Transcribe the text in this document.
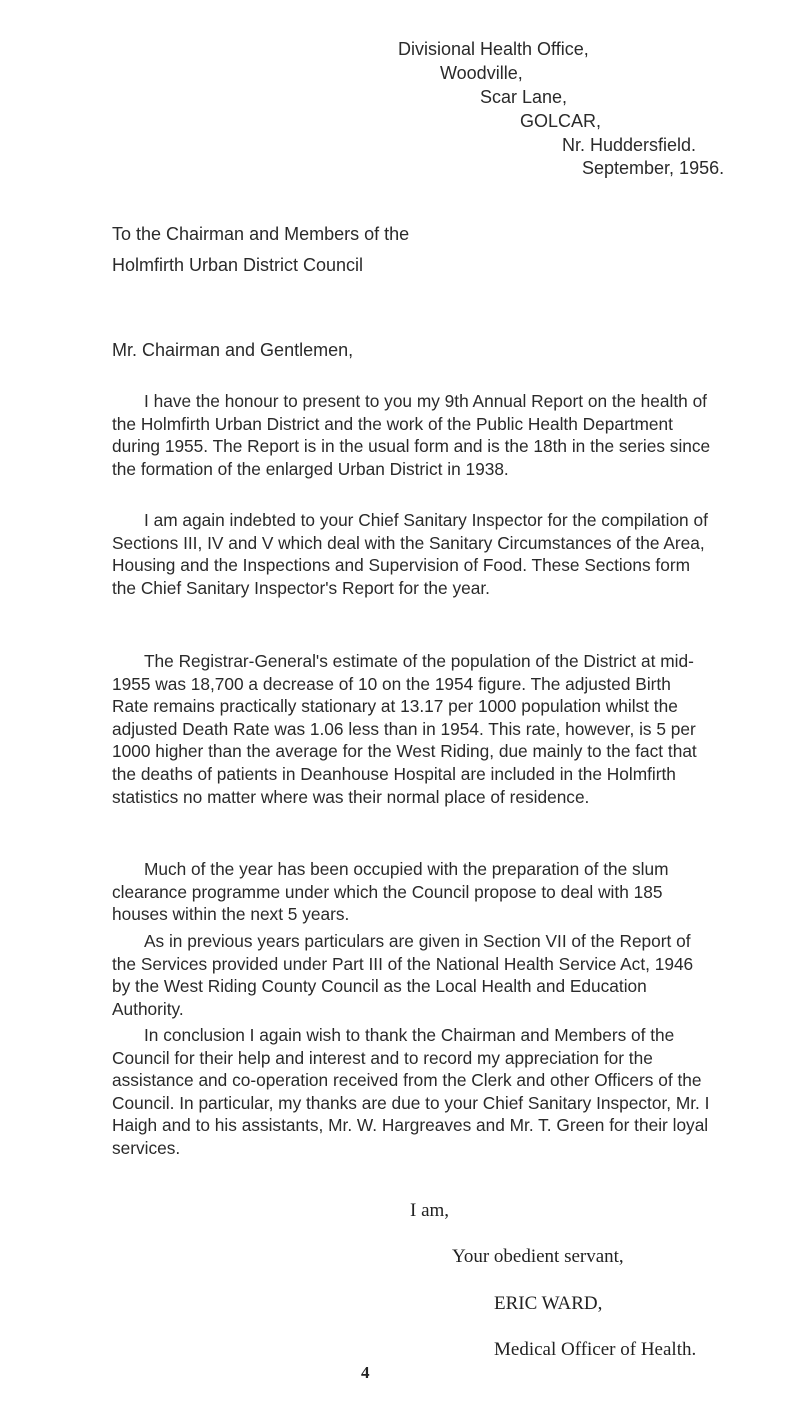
Divisional Health Office,
Woodville,
Scar Lane,
GOLCAR,
Nr. Huddersfield.
September, 1956.
To the Chairman and Members of the
Holmfirth Urban District Council
Mr. Chairman and Gentlemen,

I have the honour to present to you my 9th Annual Report on the health of the Holmfirth Urban District and the work of the Public Health Department during 1955. The Report is in the usual form and is the 18th in the series since the formation of the enlarged Urban District in 1938.

I am again indebted to your Chief Sanitary Inspector for the compilation of Sections III, IV and V which deal with the Sanitary Circumstances of the Area, Housing and the Inspections and Supervision of Food. These Sections form the Chief Sanitary Inspector's Report for the year.

The Registrar-General's estimate of the population of the District at mid-1955 was 18,700 a decrease of 10 on the 1954 figure. The adjusted Birth Rate remains practically stationary at 13.17 per 1000 population whilst the adjusted Death Rate was 1.06 less than in 1954. This rate, however, is 5 per 1000 higher than the average for the West Riding, due mainly to the fact that the deaths of patients in Deanhouse Hospital are included in the Holmfirth statistics no matter where was their normal place of residence.

Much of the year has been occupied with the preparation of the slum clearance programme under which the Council propose to deal with 185 houses within the next 5 years.

As in previous years particulars are given in Section VII of the Report of the Services provided under Part III of the National Health Service Act, 1946 by the West Riding County Council as the Local Health and Education Authority.

In conclusion I again wish to thank the Chairman and Members of the Council for their help and interest and to record my appreciation for the assistance and co-operation received from the Clerk and other Officers of the Council. In particular, my thanks are due to your Chief Sanitary Inspector, Mr. I Haigh and to his assistants, Mr. W. Hargreaves and Mr. T. Green for their loyal services.

I am,
Your obedient servant,
ERIC WARD,
Medical Officer of Health.
4
